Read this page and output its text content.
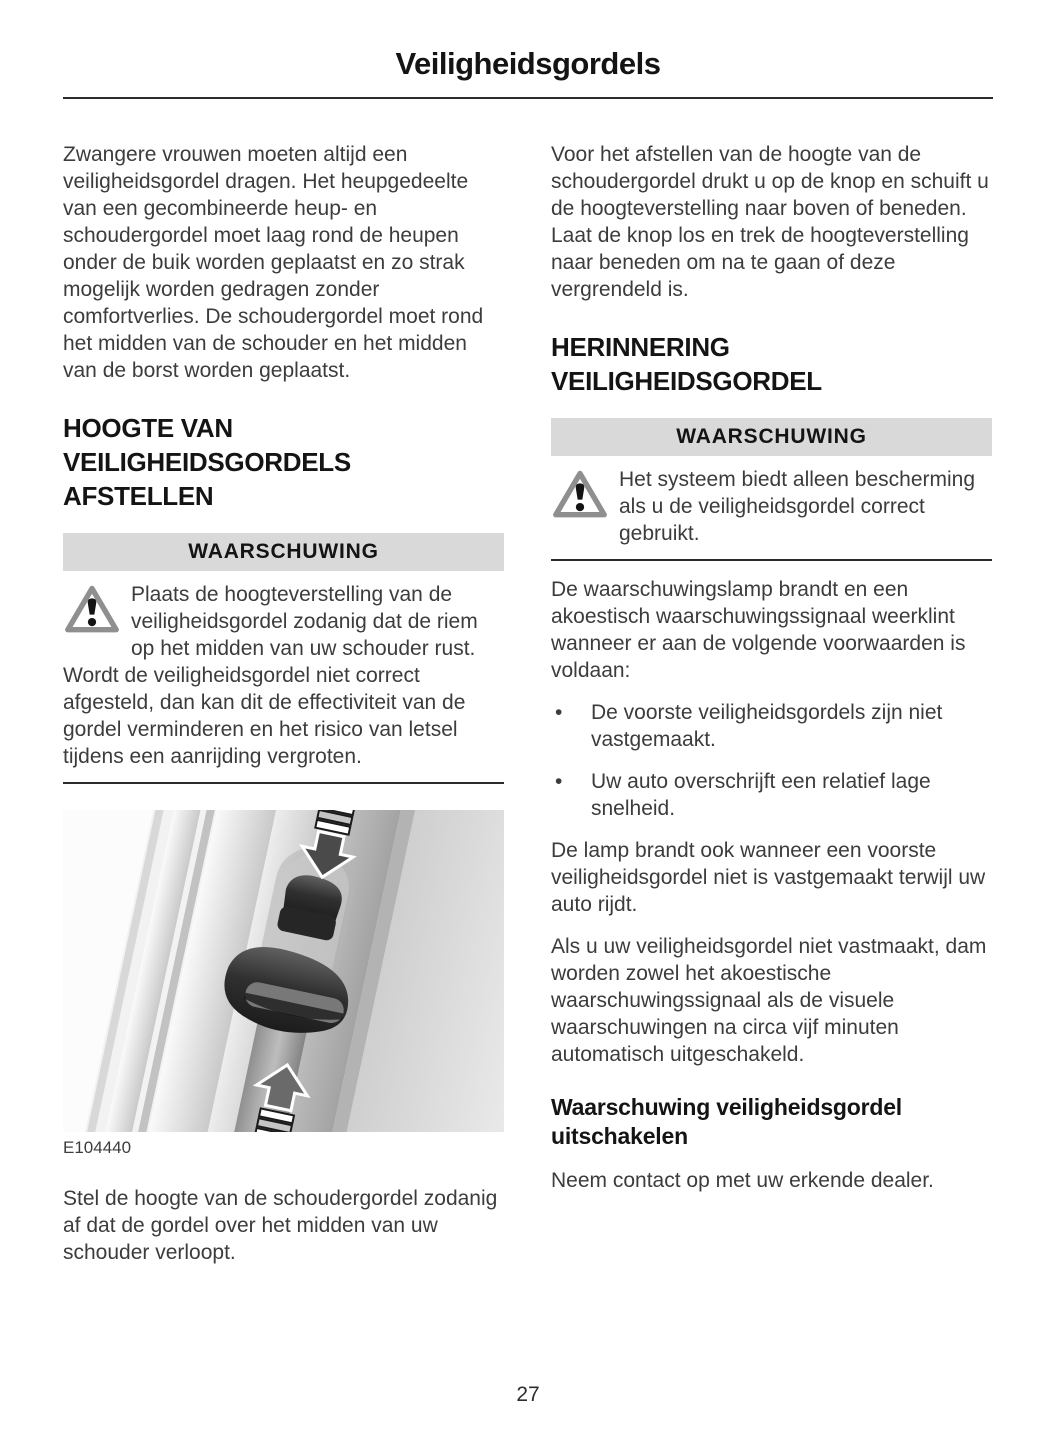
Veiligheidsgordels

Zwangere vrouwen moeten altijd een veiligheidsgordel dragen. Het heupgedeelte van een gecombineerde heup- en schoudergordel moet laag rond de heupen onder de buik worden geplaatst en zo strak mogelijk worden gedragen zonder comfortverlies. De schoudergordel moet rond het midden van de schouder en het midden van de borst worden geplaatst.

HOOGTE VAN VEILIGHEIDSGORDELS AFSTELLEN
WAARSCHUWING
Plaats de hoogteverstelling van de veiligheidsgordel zodanig dat de riem op het midden van uw schouder rust. Wordt de veiligheidsgordel niet correct afgesteld, dan kan dit de effectiviteit van de gordel verminderen en het risico van letsel tijdens een aanrijding vergroten.
E104440

Stel de hoogte van de schoudergordel zodanig af dat de gordel over het midden van uw schouder verloopt.

Voor het afstellen van de hoogte van de schoudergordel drukt u op de knop en schuift u de hoogteverstelling naar boven of beneden. Laat de knop los en trek de hoogteverstelling naar beneden om na te gaan of deze vergrendeld is.

HERINNERING VEILIGHEIDSGORDEL
WAARSCHUWING
Het systeem biedt alleen bescherming als u de veiligheidsgordel correct gebruikt.

De waarschuwingslamp brandt en een akoestisch waarschuwingssignaal weerklint wanneer er aan de volgende voorwaarden is voldaan:

• De voorste veiligheidsgordels zijn niet vastgemaakt.
• Uw auto overschrijft een relatief lage snelheid.

De lamp brandt ook wanneer een voorste veiligheidsgordel niet is vastgemaakt terwijl uw auto rijdt.

Als u uw veiligheidsgordel niet vastmaakt, dam worden zowel het akoestische waarschuwingssignaal als de visuele waarschuwingen na circa vijf minuten automatisch uitgeschakeld.

Waarschuwing veiligheidsgordel uitschakelen

Neem contact op met uw erkende dealer.

27
